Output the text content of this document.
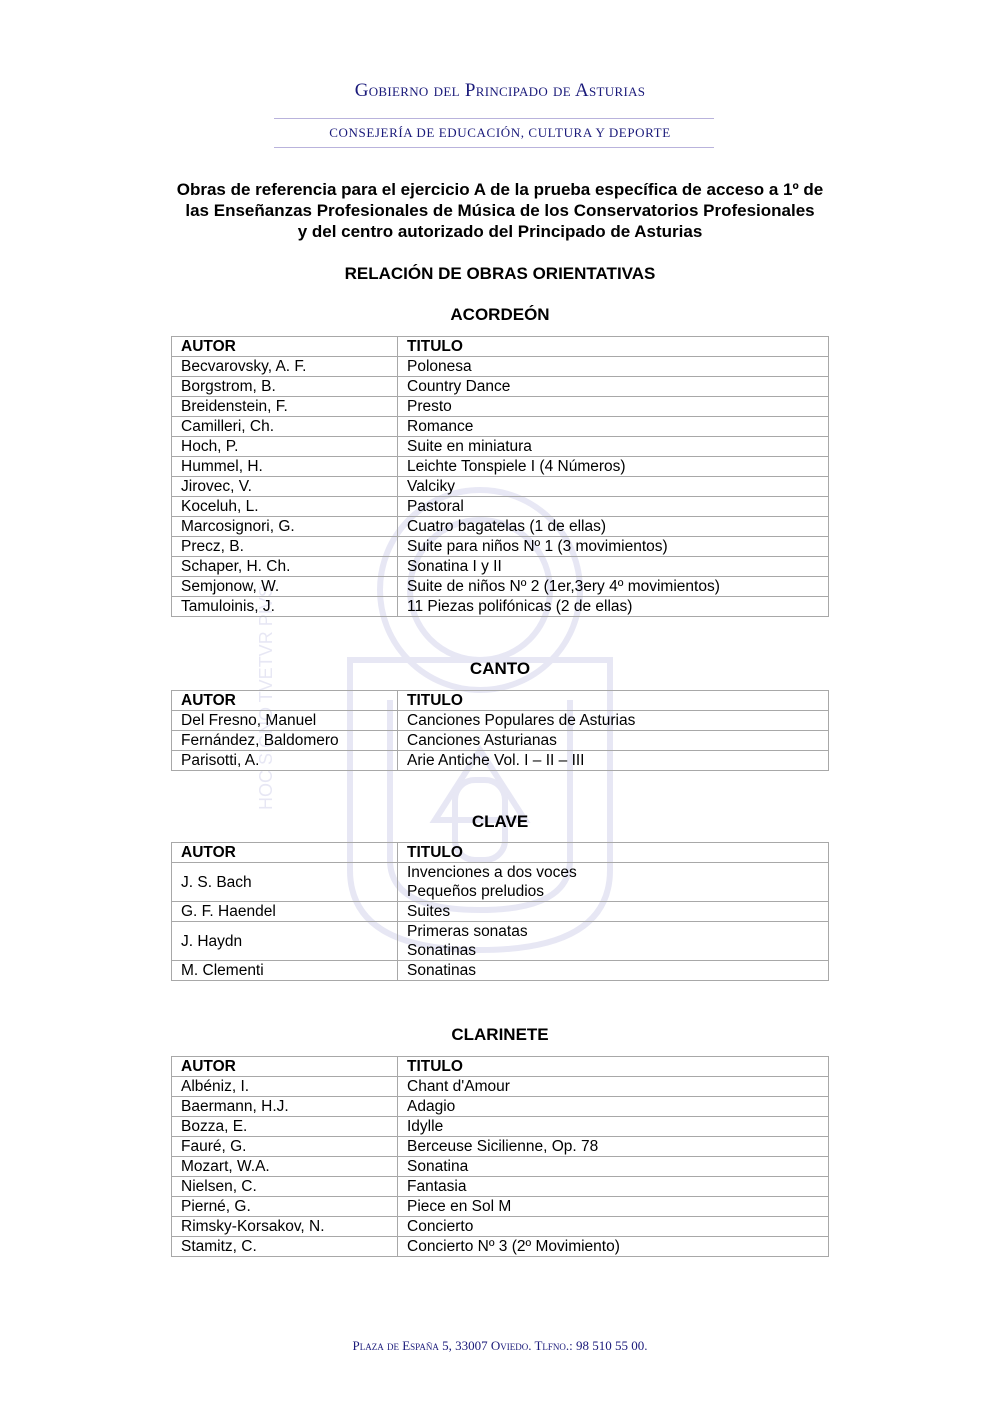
HOC SIGNO TVETVR PIVS
Gobierno del Principado de Asturias
CONSEJERÍA DE EDUCACIÓN, CULTURA Y DEPORTE
Obras de referencia para el ejercicio A de la prueba específica de acceso a 1º de
las Enseñanzas Profesionales de Música de los Conservatorios Profesionales
y del centro autorizado del Principado de Asturias
RELACIÓN DE OBRAS ORIENTATIVAS
ACORDEÓN
AUTOR	TITULO
Becvarovsky, A. F.	Polonesa

Borgstrom, B.	Country Dance

Breidenstein, F.	Presto

Camilleri, Ch.	Romance

Hoch, P.	Suite en miniatura

Hummel, H.	Leichte Tonspiele I (4 Números)

Jirovec, V.	Valciky

Koceluh, L.	Pastoral

Marcosignori, G.	Cuatro bagatelas (1 de ellas)

Precz, B.	Suite para niños Nº 1 (3 movimientos)

Schaper, H. Ch.	Sonatina I y II

Semjonow, W.	Suite de niños Nº 2 (1er,3ery 4º movimientos)

Tamuloinis, J.	11 Piezas polifónicas (2 de ellas)
CANTO
AUTOR	TITULO
Del Fresno, Manuel	Canciones Populares de Asturias

Fernández, Baldomero	Canciones Asturianas

Parisotti, A.	Arie Antiche Vol. I – II – III
CLAVE
AUTOR	TITULO
J. S. Bach	Invenciones a dos voces
Pequeños preludios

G. F. Haendel	Suites

J. Haydn	Primeras sonatas
Sonatinas

M. Clementi	Sonatinas
CLARINETE
AUTOR	TITULO
Albéniz, I.	Chant d'Amour

Baermann, H.J.	Adagio

Bozza, E.	Idylle

Fauré, G.	Berceuse Sicilienne, Op. 78

Mozart, W.A.	Sonatina

Nielsen, C.	Fantasia

Pierné, G.	Piece en Sol M

Rimsky-Korsakov, N.	Concierto

Stamitz, C.	Concierto Nº 3 (2º Movimiento)
Plaza de España 5, 33007 Oviedo. Tlfno.: 98 510 55 00.
